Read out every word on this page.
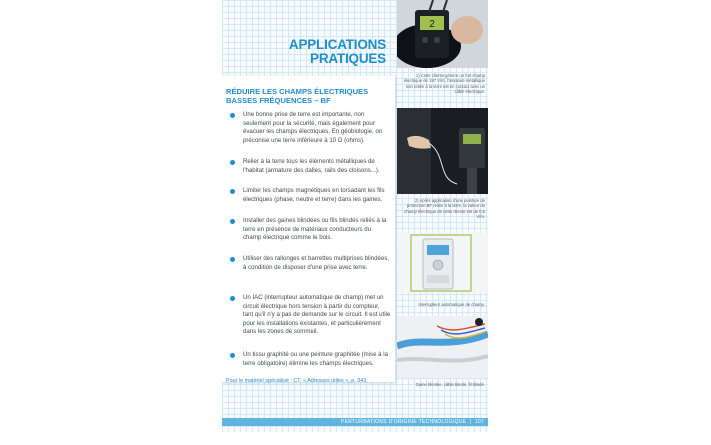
APPLICATIONS
PRATIQUES
RÉDUIRE LES CHAMPS ÉLECTRIQUES
BASSES FRÉQUENCES – BF
Une bonne prise de terre est importante, non seulement pour la sécurité, mais également pour évacuer les champs électriques. En géobiologie, on préconise une terre inférieure à 10 Ω (ohms).
Relier à la terre tous les éléments métalliques de l'habitat (armature des dalles, rails des cloisons...).
Limiter les champs magnétiques en torsadant les fils électriques (phase, neutre et terre) dans les gaines.
Installer des gaines blindées ou fils blindés reliés à la terre en présence de matériaux conducteurs du champ électrique comme le bois.
Utiliser des rallonges et barrettes multiprises blindées, à condition de disposer d'une prise avec terre.
Un IAC (interrupteur automatique de champ) met un circuit électrique hors tension à partir du compteur, tant qu'il n'y a pas de demande sur le circuit. Il est utile pour les installations existantes, et particulièrement dans les zones de sommeil.
Un tissu graphité ou une peinture graphitée (mise à la terre obligatoire) élimine les champs électriques.
Pour le matériel spécialisé : CT. « Adresses utiles », p. 343.
2
1) Cette cliente génère un fort champ électrique de 197 V/m, l'ossature métallique non reliée à la terre est en contact avec un câble électrique.
2) Après application d'une peinture de protection BF reliée à la terre, la valeur du champ électrique de cette cliente est de 0,5 V/m.
Interrupteur automatique de champ.
Gaine blindée, câble blindé, fil blindé.
PERTURBATIONS D'ORIGINE TECHNOLOGIQUE  |  107
